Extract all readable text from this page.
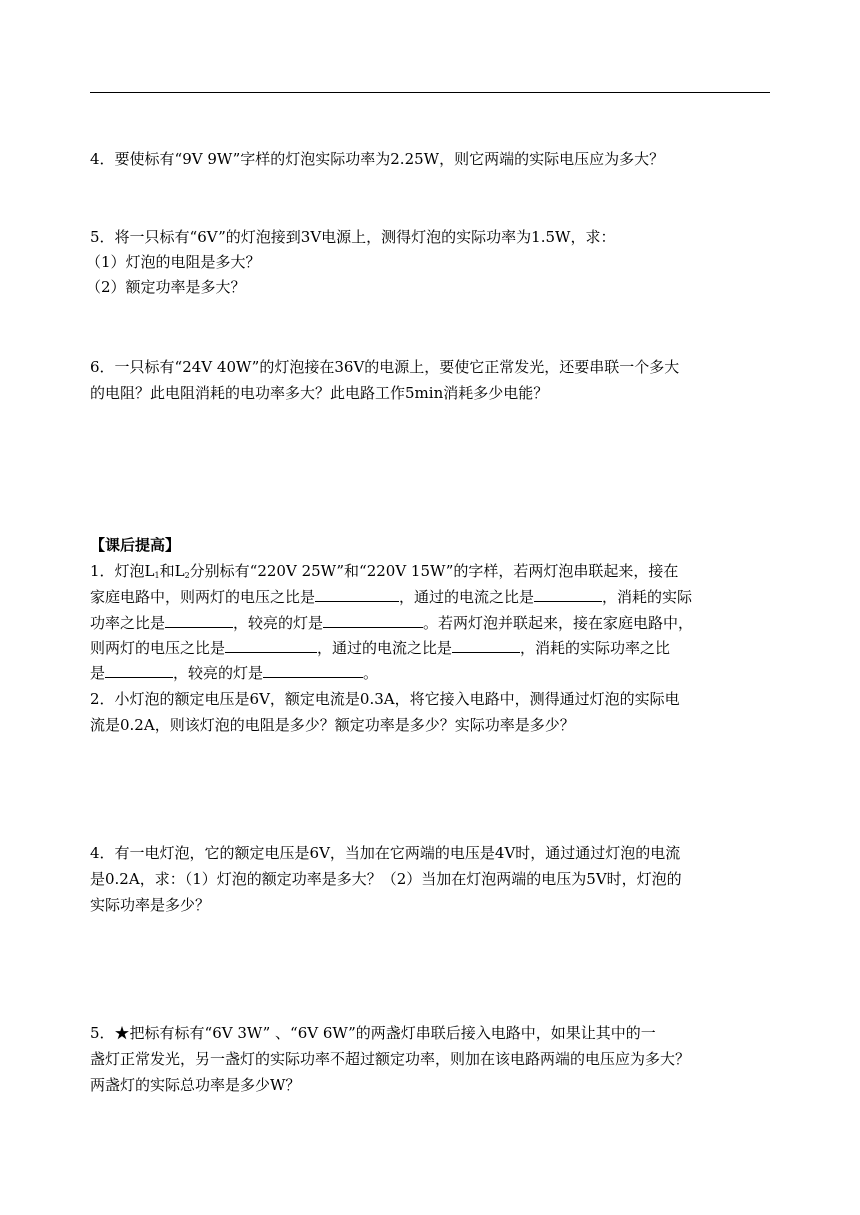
4．要使标有“9V 9W”字样的灯泡实际功率为2.25W，则它两端的实际电压应为多大？
5．将一只标有“6V”的灯泡接到3V电源上，测得灯泡的实际功率为1.5W，求：
（1）灯泡的电阻是多大？
（2）额定功率是多大？
6．一只标有“24V 40W”的灯泡接在36V的电源上，要使它正常发光，还要串联一个多大
的电阻？此电阻消耗的电功率多大？此电路工作5min消耗多少电能？
【课后提高】
1．灯泡$L_1$和$L_2$分别标有“220V 25W”和“220V 15W”的字样，若两灯泡串联起来，接在
家庭电路中，则两灯的电压之比是	，通过的电流之比是	，消耗的实际
功率之比是	，较亮的灯是	。若两灯泡并联起来，接在家庭电路中，
则两灯的电压之比是	，通过的电流之比是	，消耗的实际功率之比
是	，较亮的灯是	。
2．小灯泡的额定电压是6V，额定电流是0.3A，将它接入电路中，测得通过灯泡的实际电
流是0.2A，则该灯泡的电阻是多少？额定功率是多少？实际功率是多少？
4．有一电灯泡，它的额定电压是6V，当加在它两端的电压是4V时，通过通过灯泡的电流
是0.2A，求：（1）灯泡的额定功率是多大？（2）当加在灯泡两端的电压为5V时，灯泡的
实际功率是多少？
5．★把标有标有“6V 3W” 、“6V 6W”的两盏灯串联后接入电路中，如果让其中的一
盏灯正常发光，另一盏灯的实际功率不超过额定功率，则加在该电路两端的电压应为多大？
两盏灯的实际总功率是多少W？
